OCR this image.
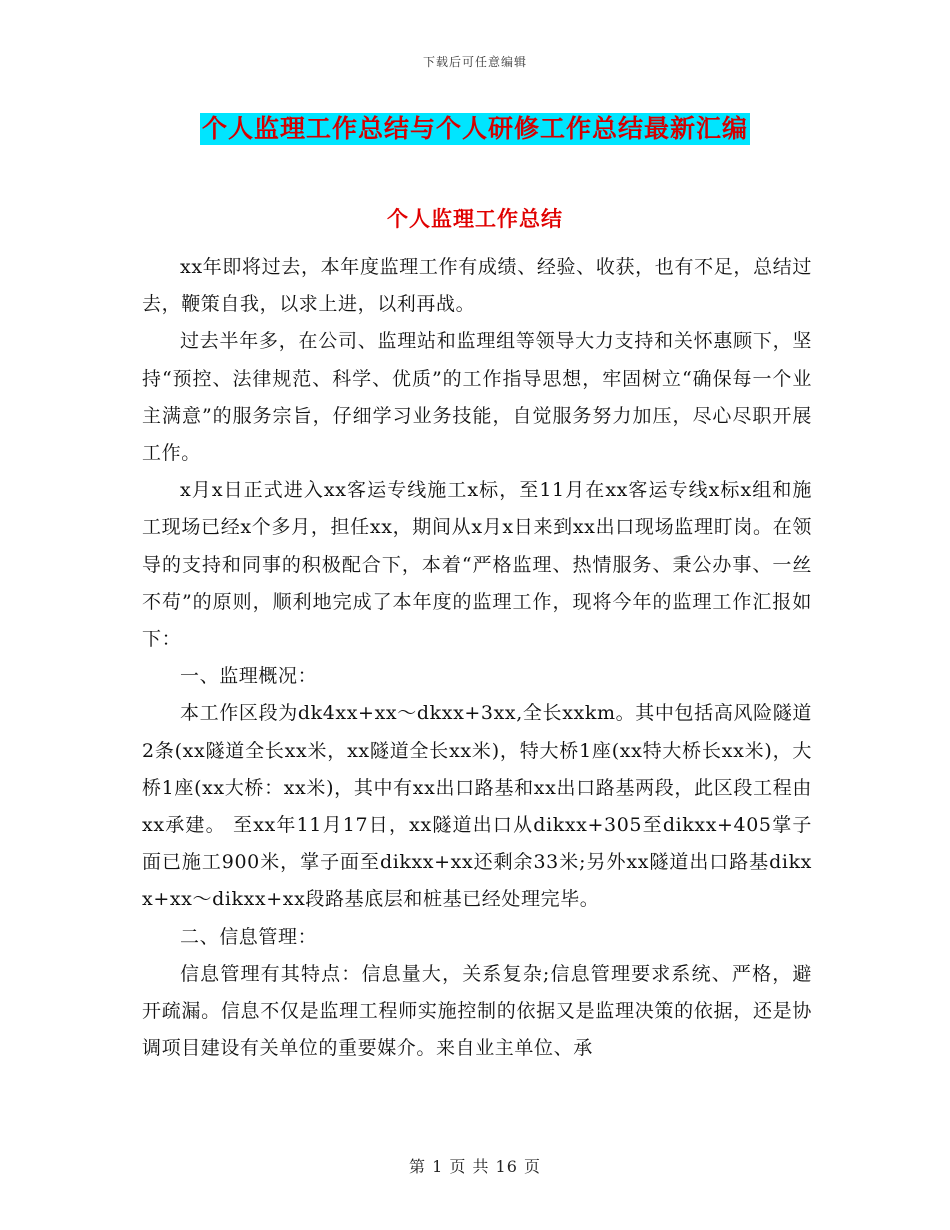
下载后可任意编辑
个人监理工作总结与个人研修工作总结最新汇编
个人监理工作总结

xx年即将过去，本年度监理工作有成绩、经验、收获，也有不足，总结过去，鞭策自我，以求上进，以利再战。

过去半年多，在公司、监理站和监理组等领导大力支持和关怀惠顾下，坚持“预控、法律规范、科学、优质”的工作指导思想，牢固树立“确保每一个业主满意”的服务宗旨，仔细学习业务技能，自觉服务努力加压，尽心尽职开展工作。

x月x日正式进入xx客运专线施工x标，至11月在xx客运专线x标x组和施工现场已经x个多月，担任xx，期间从x月x日来到xx出口现场监理盯岗。在领导的支持和同事的积极配合下，本着“严格监理、热情服务、秉公办事、一丝不苟”的原则，顺利地完成了本年度的监理工作，现将今年的监理工作汇报如下：

一、监理概况：

本工作区段为dk4xx+xx～dkxx+3xx,全长xxkm。其中包括高风险隧道2条(xx隧道全长xx米，xx隧道全长xx米)，特大桥1座(xx特大桥长xx米)，大桥1座(xx大桥：xx米)，其中有xx出口路基和xx出口路基两段，此区段工程由xx承建。 至xx年11月17日，xx隧道出口从dikxx+305至dikxx+405掌子面已施工900米，掌子面至dikxx+xx还剩余33米;另外xx隧道出口路基dikxx+xx～dikxx+xx段路基底层和桩基已经处理完毕。

二、信息管理：

信息管理有其特点：信息量大，关系复杂;信息管理要求系统、严格，避开疏漏。信息不仅是监理工程师实施控制的依据又是监理决策的依据，还是协调项目建设有关单位的重要媒介。来自业主单位、承

第 1 页 共 16 页
